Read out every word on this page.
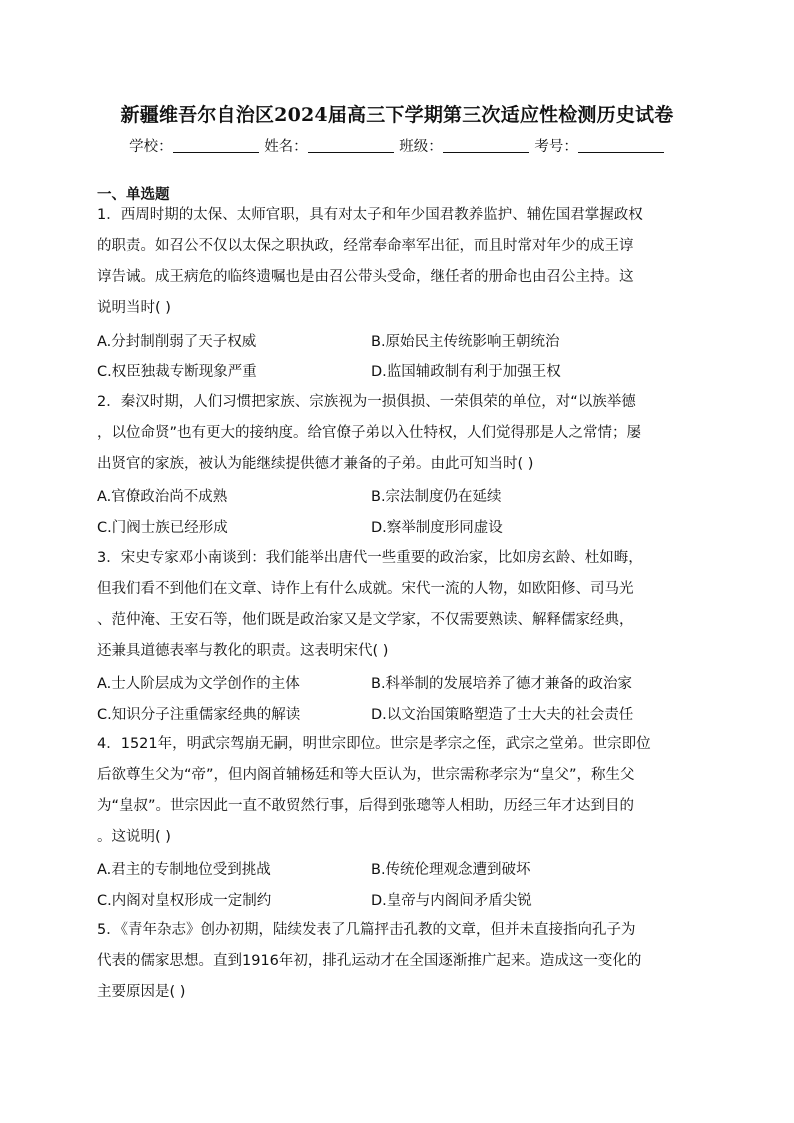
新疆维吾尔自治区2024届高三下学期第三次适应性检测历史试卷
学校：	姓名：	班级：	考号：
一、单选题
1．西周时期的太保、太师官职，具有对太子和年少国君教养监护、辅佐国君掌握政权
的职责。如召公不仅以太保之职执政，经常奉命率军出征，而且时常对年少的成王谆
谆告诫。成王病危的临终遗嘱也是由召公带头受命，继任者的册命也由召公主持。这
说明当时( )
A.分封制削弱了天子权威	B.原始民主传统影响王朝统治
C.权臣独裁专断现象严重	D.监国辅政制有利于加强王权
2．秦汉时期，人们习惯把家族、宗族视为一损俱损、一荣俱荣的单位，对“以族举德
，以位命贤”也有更大的接纳度。给官僚子弟以入仕特权，人们觉得那是人之常情；屡
出贤官的家族，被认为能继续提供德才兼备的子弟。由此可知当时( )
A.官僚政治尚不成熟	B.宗法制度仍在延续
C.门阀士族已经形成	D.察举制度形同虚设
3．宋史专家邓小南谈到：我们能举出唐代一些重要的政治家，比如房玄龄、杜如晦，
但我们看不到他们在文章、诗作上有什么成就。宋代一流的人物，如欧阳修、司马光
、范仲淹、王安石等，他们既是政治家又是文学家，不仅需要熟读、解释儒家经典，
还兼具道德表率与教化的职责。这表明宋代( )
A.士人阶层成为文学创作的主体	B.科举制的发展培养了德才兼备的政治家
C.知识分子注重儒家经典的解读	D.以文治国策略塑造了士大夫的社会责任
4．1521年，明武宗驾崩无嗣，明世宗即位。世宗是孝宗之侄，武宗之堂弟。世宗即位
后欲尊生父为“帝”，但内阁首辅杨廷和等大臣认为，世宗需称孝宗为“皇父”，称生父
为“皇叔”。世宗因此一直不敢贸然行事，后得到张璁等人相助，历经三年才达到目的
。这说明( )
A.君主的专制地位受到挑战	B.传统伦理观念遭到破坏
C.内阁对皇权形成一定制约	D.皇帝与内阁间矛盾尖锐
5．《青年杂志》创办初期，陆续发表了几篇抨击孔教的文章，但并未直接指向孔子为
代表的儒家思想。直到1916年初，排孔运动才在全国逐渐推广起来。造成这一变化的
主要原因是( )
